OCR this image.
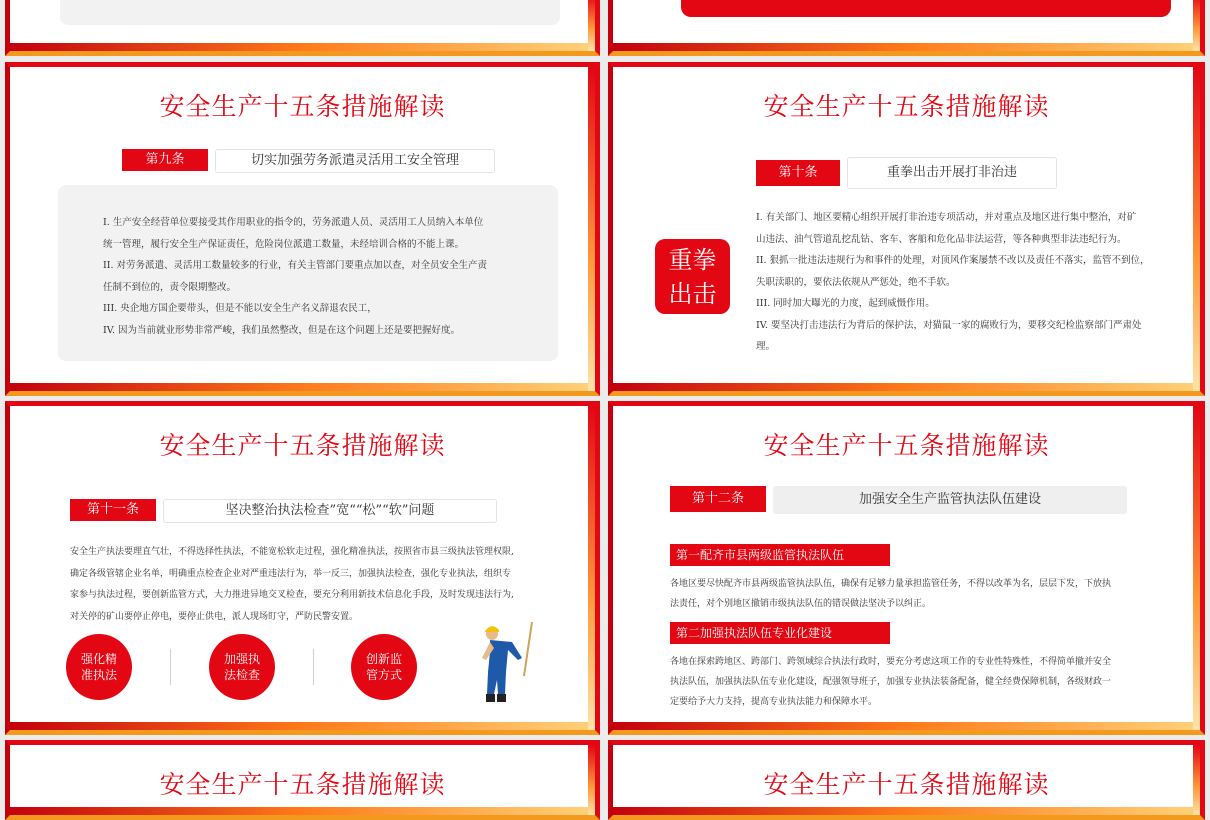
安全生产十五条措施解读
第九条	切实加强劳务派遣灵活用工安全管理

I. 生产安全经营单位要接受其作用职业的指令的，劳务派遣人员、灵活用工人员纳入本单位

统一管理，履行安全生产保证责任，危险岗位派遣工数量，未经培训合格的不能上课。

II. 对劳务派遣、灵活用工数量较多的行业，有关主管部门要重点加以查，对全员安全生产责

任制不到位的，责令限期整改。

III. 央企地方国企要带头，但是不能以安全生产名义辞退农民工，

IV. 因为当前就业形势非常严峻，我们虽然整改，但是在这个问题上还是要把握好度。

安全生产十五条措施解读
第十条	重拳出击开展打非治违
重拳
出击

I. 有关部门、地区要精心组织开展打非治违专项活动，并对重点及地区进行集中整治，对矿

山违法、油气管道乱挖乱钻、客车、客船和危化品非法运营，等各种典型非法违纪行为。

II. 狠抓一批违法违规行为和事件的处理，对顶风作案屡禁不改以及责任不落实，监管不到位，

失职渎职的，要依法依规从严惩处，绝不手软。

III. 同时加大曝光的力度，起到威慑作用。

IV. 要坚决打击违法行为背后的保护法，对猫鼠一家的腐败行为，要移交纪检监察部门严肃处

理。

安全生产十五条措施解读
第十一条	坚决整治执法检查”宽““松”“软”问题

安全生产执法要理直气壮，不得选择性执法，不能宽松软走过程，强化精准执法，按照省市县三级执法管理权限,

确定各级管辖企业名单，明确重点检查企业对严重违法行为，举一反三，加强执法检查，强化专业执法，组织专

家参与执法过程，要创新监管方式，大力推进异地交叉检查，要充分利用新技术信息化手段，及时发现违法行为,

对关停的矿山要停止停电，要停止供电，派人现场盯守，严防民警安置。

强化精准执法
加强执法检查
创新监管方式
安全生产十五条措施解读
第十二条	加强安全生产监管执法队伍建设
第一配齐市县两级监管执法队伍

各地区要尽快配齐市县两级监管执法队伍，确保有足够力量承担监管任务，不得以改革为名，层层下发，下放执

法责任，对个别地区撤销市级执法队伍的错误做法坚决予以纠正。

第二加强执法队伍专业化建设

各地在探索跨地区、跨部门、跨领域综合执法行政时，要充分考虑这项工作的专业性特殊性，不得简单撤并安全

执法队伍，加强执法队伍专业化建设，配强领导班子，加强专业执法装备配备，健全经费保障机制，各级财政一

定要给予大力支持，提高专业执法能力和保障水平。

安全生产十五条措施解读	安全生产十五条措施解读
